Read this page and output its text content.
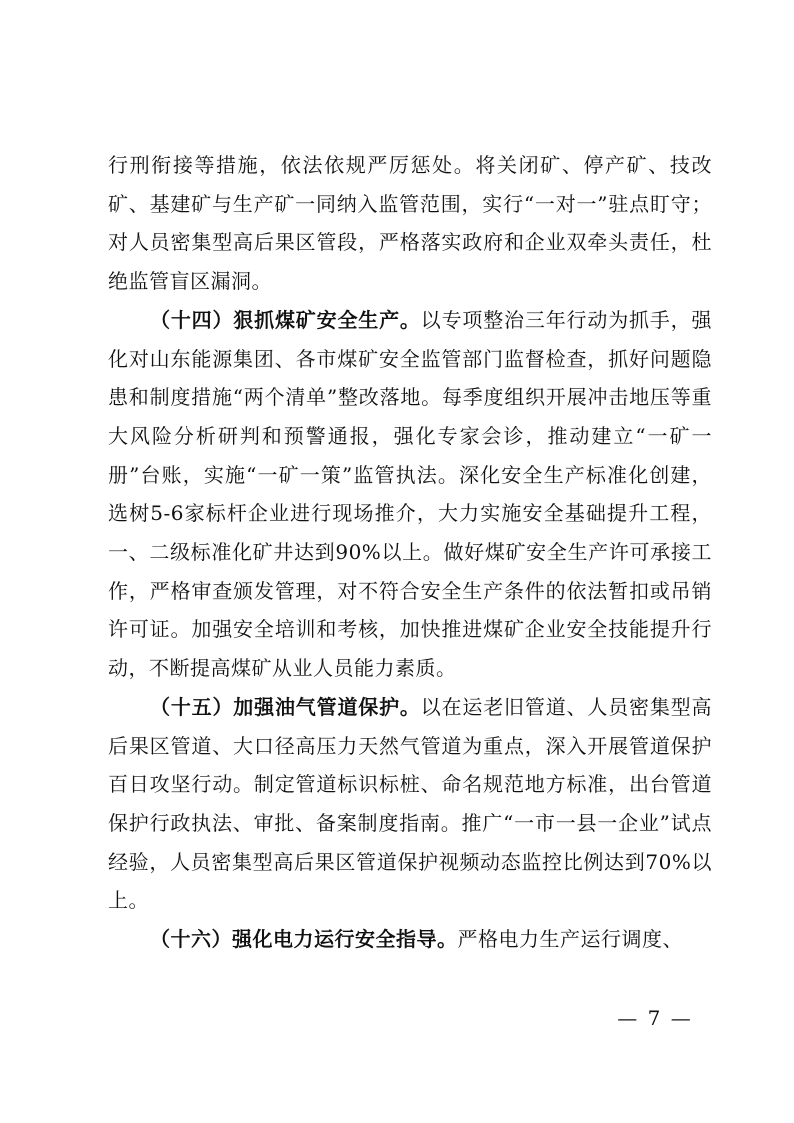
行刑衔接等措施，依法依规严厉惩处。将关闭矿、停产矿、技改矿、基建矿与生产矿一同纳入监管范围，实行“一对一”驻点盯守；对人员密集型高后果区管段，严格落实政府和企业双牵头责任，杜绝监管盲区漏洞。

（十四）狠抓煤矿安全生产。以专项整治三年行动为抓手，强化对山东能源集团、各市煤矿安全监管部门监督检查，抓好问题隐患和制度措施“两个清单”整改落地。每季度组织开展冲击地压等重大风险分析研判和预警通报，强化专家会诊，推动建立“一矿一册”台账，实施“一矿一策”监管执法。深化安全生产标准化创建，选树5-6家标杆企业进行现场推介，大力实施安全基础提升工程，一、二级标准化矿井达到90%以上。做好煤矿安全生产许可承接工作，严格审查颁发管理，对不符合安全生产条件的依法暂扣或吊销许可证。加强安全培训和考核，加快推进煤矿企业安全技能提升行动，不断提高煤矿从业人员能力素质。

（十五）加强油气管道保护。以在运老旧管道、人员密集型高后果区管道、大口径高压力天然气管道为重点，深入开展管道保护百日攻坚行动。制定管道标识标桩、命名规范地方标准，出台管道保护行政执法、审批、备案制度指南。推广“一市一县一企业”试点经验，人员密集型高后果区管道保护视频动态监控比例达到70%以上。

（十六）强化电力运行安全指导。严格电力生产运行调度、

— 7 —
